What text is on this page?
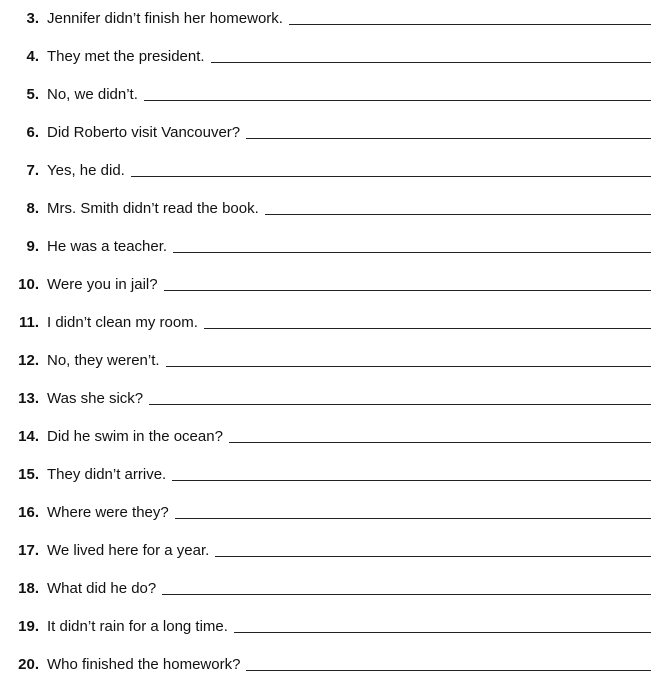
3. Jennifer didn’t finish her homework.
4. They met the president.
5. No, we didn’t.
6. Did Roberto visit Vancouver?
7. Yes, he did.
8. Mrs. Smith didn’t read the book.
9. He was a teacher.
10. Were you in jail?
11. I didn’t clean my room.
12. No, they weren’t.
13. Was she sick?
14. Did he swim in the ocean?
15. They didn’t arrive.
16. Where were they?
17. We lived here for a year.
18. What did he do?
19. It didn’t rain for a long time.
20. Who finished the homework?
